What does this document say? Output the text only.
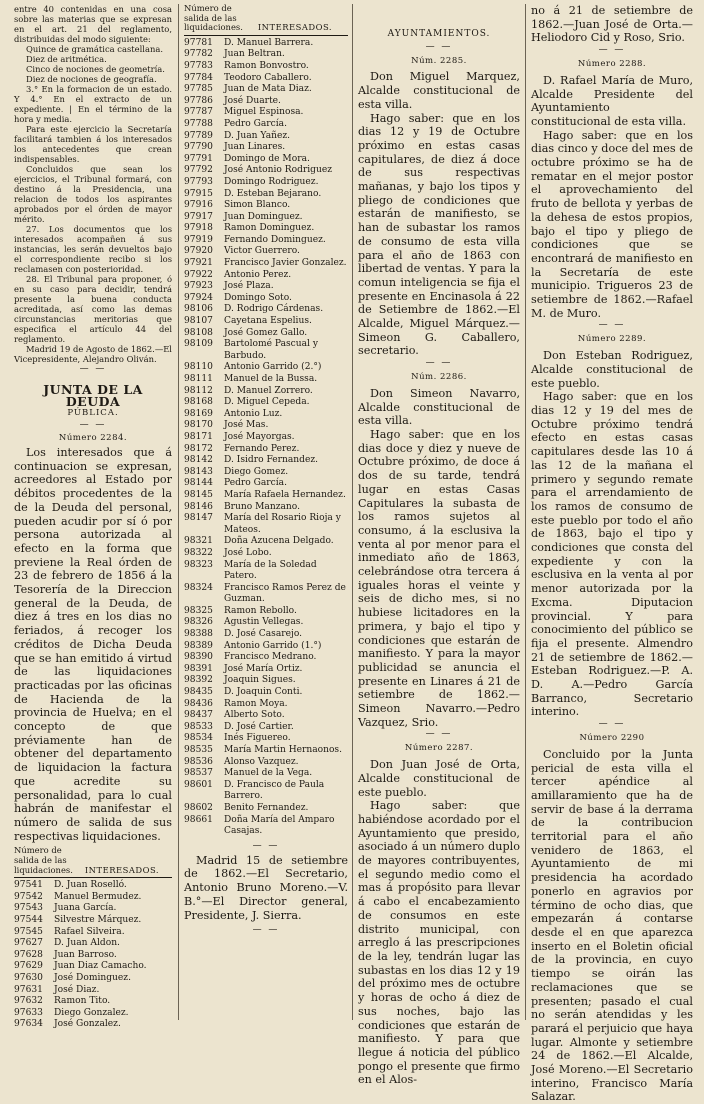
entre 40 contenidas en una cosa sobre las materias que se expresan en el art. 21 del reglamento, distribuidas del modo siguiente:

Quince de gramática castellana.

Diez de aritmética.

Cinco de nociones de geometría.

Diez de nociones de geografía.

3.° En la formacion de un estado. Y 4.° En el extracto de un expediente. | En el término de la hora y media.

Para este ejercicio la Secretaría facilitará tambien á los interesados los antecedentes que crean indispensables.

Concluidos que sean los ejercicios, el Tribunal formará, con destino á la Presidencia, una relacion de todos los aspirantes aprobados por el órden de mayor mérito.

27. Los documentos que los interesados acompañen á sus instancias, les serán devueltos bajo el correspondiente recibo si los reclamasen con posterioridad.

28. El Tribunal para proponer, ó en su caso para decidir, tendrá presente la buena conducta acreditada, así como las demas circunstancias meritorias que especifica el artículo 44 del reglamento.

Madrid 19 de Agosto de 1862.—El Vicepresidente, Alejandro Oliván.

— —
JUNTA DE LA DEUDA
PÚBLICA.
— —
Número 2284.

Los interesados que á continuacion se expresan, acreedores al Estado por débitos procedentes de la de la Deuda del personal, pueden acudir por sí ó por persona autorizada al efecto en la forma que previene la Real órden de 23 de febrero de 1856 á la Tesorería de la Direccion general de la Deuda, de diez á tres en los dias no feriados, á recoger los créditos de Dicha Deuda que se han emitido á virtud de las liquidaciones practicadas por las oficinas de Hacienda de la provincia de Huelva; en el concepto de que préviamente han de obtener del departamento de liquidacion la factura que acredite su personalidad, para lo cual habrán de manifestar el número de salida de sus respectivas liquidaciones.

Número de salida de las liquidaciones.	INTERESADOS.
97541	D. Juan Roselló.
97542	Manuel Bermudez.
97543	Juana García.
97544	Silvestre Márquez.
97545	Rafael Silveira.
97627	D. Juan Aldon.
97628	Juan Barroso.
97629	Juan Diaz Camacho.
97630	José Dominguez.
97631	José Diaz.
97632	Ramon Tito.
97633	Diego Gonzalez.
97634	José Gonzalez.
Número de salida de las liquidaciones.	INTERESADOS.
97781	D. Manuel Barrera.
97782	Juan Beltran.
97783	Ramon Bonvostro.
97784	Teodoro Caballero.
97785	Juan de Mata Diaz.
97786	José Duarte.
97787	Miguel Espinosa.
97788	Pedro García.
97789	D. Juan Yañez.
97790	Juan Linares.
97791	Domingo de Mora.
97792	José Antonio Rodriguez
97793	Domingo Rodriguez.
97915	D. Esteban Bejarano.
97916	Simon Blanco.
97917	Juan Dominguez.
97918	Ramon Dominguez.
97919	Fernando Dominguez.
97920	Victor Guerrero.
97921	Francisco Javier Gonzalez.
97922	Antonio Perez.
97923	José Plaza.
97924	Domingo Soto.
98106	D. Rodrigo Cárdenas.
98107	Cayetana Espelius.
98108	José Gomez Gallo.
98109	Bartolomé Pascual y Barbudo.
98110	Antonio Garrido (2.°)
98111	Manuel de la Bussa.
98112	D. Manuel Zorrero.
98168	D. Miguel Cepeda.
98169	Antonio Luz.
98170	José Mas.
98171	José Mayorgas.
98172	Fernando Perez.
98142	D. Isidro Fernandez.
98143	Diego Gomez.
98144	Pedro García.
98145	María Rafaela Hernandez.
98146	Bruno Manzano.
98147	María del Rosario Rioja y Mateos.
98321	Doña Azucena Delgado.
98322	José Lobo.
98323	María de la Soledad Patero.
98324	Francisco Ramos Perez de Guzman.
98325	Ramon Rebollo.
98326	Agustin Vellegas.
98388	D. José Casarejo.
98389	Antonio Garrido (1.°)
98390	Francisco Medrano.
98391	José María Ortiz.
98392	Joaquin Sigues.
98435	D. Joaquin Conti.
98436	Ramon Moya.
98437	Alberto Soto.
98533	D. José Cartier.
98534	Inés Figuereo.
98535	María Martin Hernaonos.
98536	Alonso Vazquez.
98537	Manuel de la Vega.
98601	D. Francisco de Paula Barrero.
98602	Benito Fernandez.
98661	Doña María del Amparo Casajas.
— —

Madrid 15 de setiembre de 1862.—El Secretario, Antonio Bruno Moreno.—V. B.°—El Director general, Presidente, J. Sierra.

— —
AYUNTAMIENTOS.
— —
Núm. 2285.

Don Miguel Marquez, Alcalde constitucional de esta villa.

Hago saber: que en los dias 12 y 19 de Octubre próximo en estas casas capitulares, de diez á doce de sus respectivas mañanas, y bajo los tipos y pliego de condiciones que estarán de manifiesto, se han de subastar los ramos de consumo de esta villa para el año de 1863 con libertad de ventas. Y para la comun inteligencia se fija el presente en Encinasola á 22 de Setiembre de 1862.—El Alcalde, Miguel Márquez.—Simeon G. Caballero, secretario.

— —
Núm. 2286.

Don Simeon Navarro, Alcalde constitucional de esta villa.

Hago saber: que en los dias doce y diez y nueve de Octubre próximo, de doce á dos de su tarde, tendrá lugar en estas Casas Capitulares la subasta de los ramos sujetos al consumo, á la esclusiva la venta al por menor para el inmediato año de 1863, celebrándose otra tercera á iguales horas el veinte y seis de dicho mes, si no hubiese licitadores en la primera, y bajo el tipo y condiciones que estarán de manifiesto. Y para la mayor publicidad se anuncia el presente en Linares á 21 de setiembre de 1862.—Simeon Navarro.—Pedro Vazquez, Srio.

— —
Número 2287.

Don Juan José de Orta, Alcalde constitucional de este pueblo.

Hago saber: que habiéndose acordado por el Ayuntamiento que presido, asociado á un número duplo de mayores contribuyentes, el segundo medio como el mas á propósito para llevar á cabo el encabezamiento de consumos en este distrito municipal, con arreglo á las prescripciones de la ley, tendrán lugar las subastas en los dias 12 y 19 del próximo mes de octubre y horas de ocho á diez de sus noches, bajo las condiciones que estarán de manifiesto. Y para que llegue á noticia del público pongo el presente que firmo en el Alos-

no á 21 de setiembre de 1862.—Juan José de Orta.—Heliodoro Cid y Roso, Srio.

— —
Número 2288.

D. Rafael María de Muro, Alcalde Presidente del Ayuntamiento constitucional de esta villa.

Hago saber: que en los dias cinco y doce del mes de octubre próximo se ha de rematar en el mejor postor el aprovechamiento del fruto de bellota y yerbas de la dehesa de estos propios, bajo el tipo y pliego de condiciones que se encontrará de manifiesto en la Secretaría de este municipio. Trigueros 23 de setiembre de 1862.—Rafael M. de Muro.

— —
Número 2289.

Don Esteban Rodriguez, Alcalde constitucional de este pueblo.

Hago saber: que en los dias 12 y 19 del mes de Octubre próximo tendrá efecto en estas casas capitulares desde las 10 á las 12 de la mañana el primero y segundo remate para el arrendamiento de los ramos de consumo de este pueblo por todo el año de 1863, bajo el tipo y condiciones que consta del expediente y con la esclusiva en la venta al por menor autorizada por la Excma. Diputacion provincial. Y para conocimiento del público se fija el presente. Almendro 21 de setiembre de 1862.—Esteban Rodriguez.—P. A. D. A.—Pedro García Barranco, Secretario interino.

— —
Número 2290

Concluido por la Junta pericial de esta villa el tercer apéndice al amillaramiento que ha de servir de base á la derrama de la contribucion territorial para el año venidero de 1863, el Ayuntamiento de mi presidencia ha acordado ponerlo en agravios por término de ocho dias, que empezarán á contarse desde el en que aparezca inserto en el Boletin oficial de la provincia, en cuyo tiempo se oirán las reclamaciones que se presenten; pasado el cual no serán atendidas y les parará el perjuicio que haya lugar. Almonte y setiembre 24 de 1862.—El Alcalde, José Moreno.—El Secretario interino, Francisco María Salazar.
